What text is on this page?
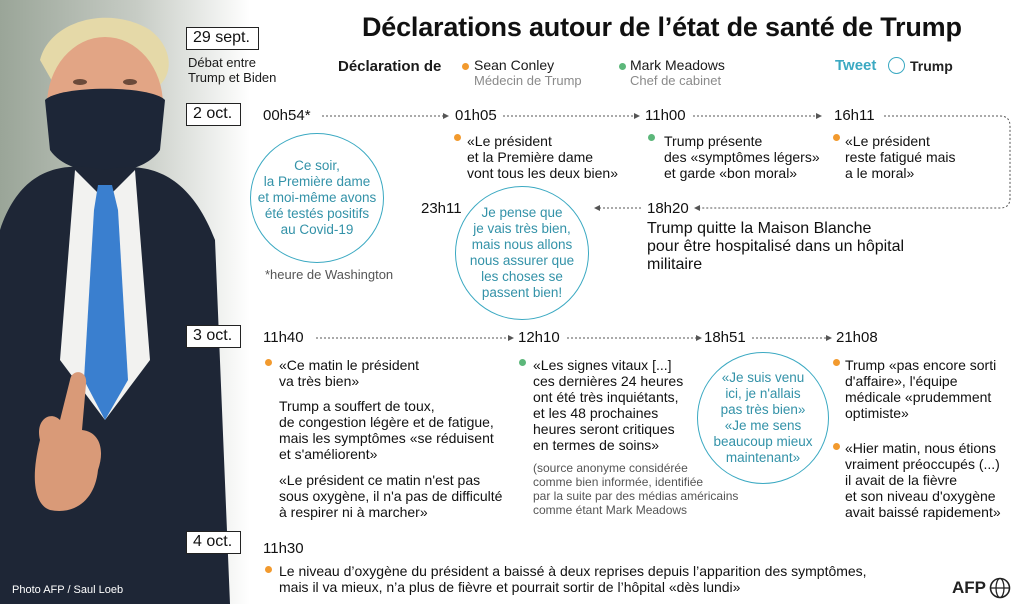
Photo AFP / Saul Loeb
Déclarations autour de l’état de santé de Trump
29 sept.
Débat entre
Trump et Biden
Déclaration de Sean Conley
Médecin de Trump
Mark Meadows
Chef de cabinet
Tweet Trump
2 oct.	00h54*
Ce soir,
la Première dame
et moi-même avons
été testés positifs
au Covid-19
*heure de Washington
01h05
«Le président
et la Première dame
vont tous les deux bien»
11h00
Trump présente
des «symptômes légers»
et garde «bon moral»
16h11
«Le président
reste fatigué mais
a le moral»
18h20
Trump quitte la Maison Blanche
pour être hospitalisé dans un hôpital
militaire
23h11 Je pense que
je vais très bien,
mais nous allons
nous assurer que
les choses se
passent bien!
3 oct.	11h40
«Ce matin le président
va très bien»
Trump a souffert de toux,
de congestion légère et de fatigue,
mais les symptômes «se réduisent
et s'améliorent»
«Le président ce matin n'est pas
sous oxygène, il n'a pas de difficulté
à respirer ni à marcher»
12h10
«Les signes vitaux [...]
ces dernières 24 heures
ont été très inquiétants,
et les 48 prochaines
heures seront critiques
en termes de soins»
(source anonyme considérée
comme bien informée, identifiée
par la suite par des médias américains
comme étant Mark Meadows
18h51
«Je suis venu
ici, je n'allais
pas très bien»
«Je me sens
beaucoup mieux
maintenant»
21h08
Trump «pas encore sorti
d'affaire», l'équipe
médicale «prudemment
optimiste»
«Hier matin, nous étions
vraiment préoccupés (...)
il avait de la fièvre
et son niveau d'oxygène
avait baissé rapidement»
4 oct.	11h30
Le niveau d’oxygène du président a baissé à deux reprises depuis l’apparition des symptômes,
mais il va mieux, n’a plus de fièvre et pourrait sortir de l’hôpital «dès lundi»	AFP
